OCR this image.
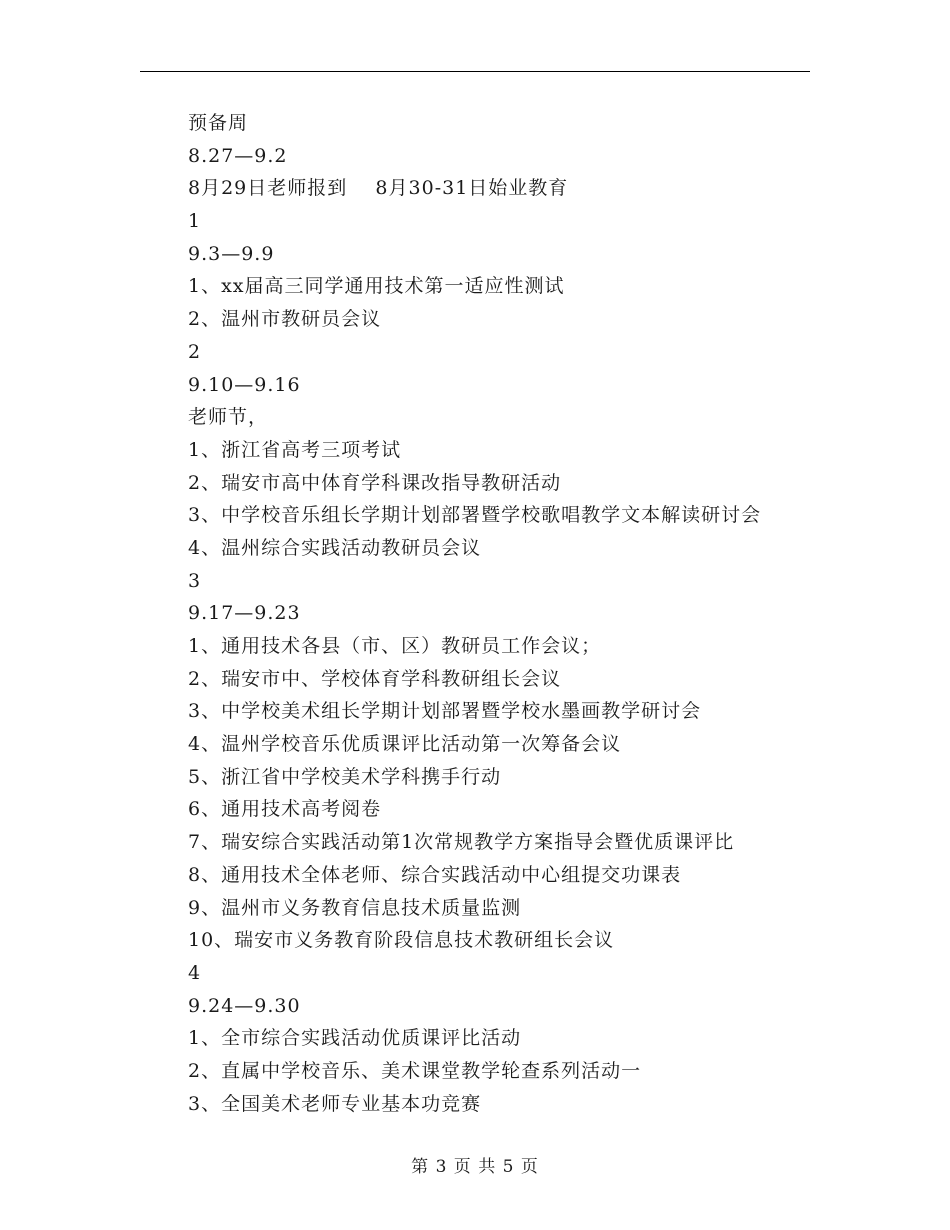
预备周
8.27—9.2
8月29日老师报到    8月30-31日始业教育
1
9.3—9.9
1、xx届高三同学通用技术第一适应性测试
2、温州市教研员会议
2
9.10—9.16
老师节，
1、浙江省高考三项考试
2、瑞安市高中体育学科课改指导教研活动
3、中学校音乐组长学期计划部署暨学校歌唱教学文本解读研讨会
4、温州综合实践活动教研员会议
3
9.17—9.23
1、通用技术各县（市、区）教研员工作会议；
2、瑞安市中、学校体育学科教研组长会议
3、中学校美术组长学期计划部署暨学校水墨画教学研讨会
4、温州学校音乐优质课评比活动第一次筹备会议
5、浙江省中学校美术学科携手行动
6、通用技术高考阅卷
7、瑞安综合实践活动第1次常规教学方案指导会暨优质课评比
8、通用技术全体老师、综合实践活动中心组提交功课表
9、温州市义务教育信息技术质量监测
10、瑞安市义务教育阶段信息技术教研组长会议
4
9.24—9.30
1、全市综合实践活动优质课评比活动
2、直属中学校音乐、美术课堂教学轮查系列活动一
3、全国美术老师专业基本功竞赛
第 3 页 共 5 页
